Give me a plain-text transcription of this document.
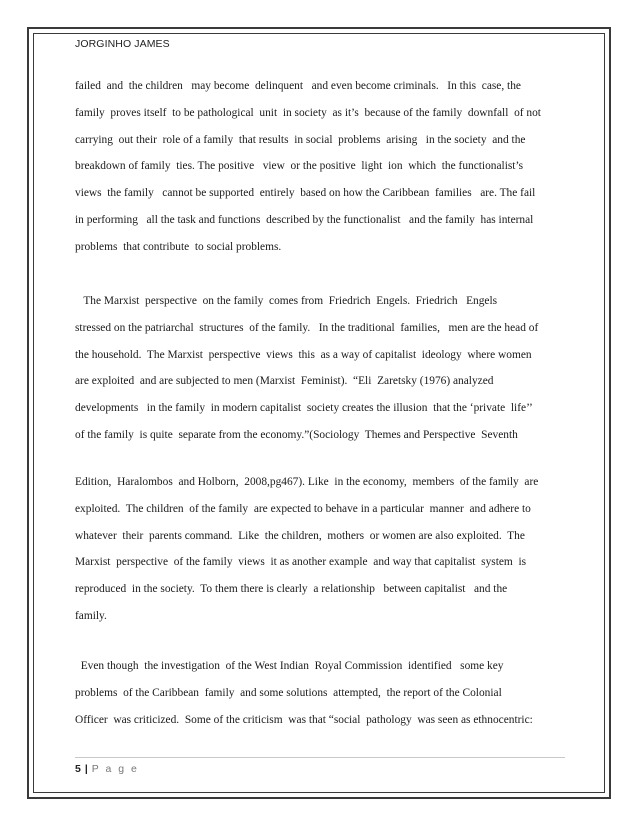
JORGINHO JAMES
failed  and  the children   may become  delinquent   and even become criminals.   In this  case, the
family  proves itself  to be pathological  unit  in society  as it’s  because of the family  downfall  of not
carrying  out their  role of a family  that results  in social  problems  arising   in the society  and the
breakdown of family  ties. The positive   view  or the positive  light  ion  which  the functionalist’s
views  the family   cannot be supported  entirely  based on how the Caribbean  families   are. The fail
in performing   all the task and functions  described by the functionalist   and the family  has internal
problems  that contribute  to social problems.
The Marxist  perspective  on the family  comes from  Friedrich  Engels.  Friedrich   Engels
stressed on the patriarchal  structures  of the family.   In the traditional  families,   men are the head of
the household.  The Marxist  perspective  views  this  as a way of capitalist  ideology  where women
are exploited  and are subjected to men (Marxist  Feminist).  “Eli  Zaretsky (1976) analyzed
developments   in the family  in modern capitalist  society creates the illusion  that the ‘private  life’’
of the family  is quite  separate from the economy.”(Sociology  Themes and Perspective  Seventh
Edition,  Haralombos  and Holborn,  2008,pg467). Like  in the economy,  members  of the family  are
exploited.  The children  of the family  are expected to behave in a particular  manner  and adhere to
whatever  their  parents command.  Like  the children,  mothers  or women are also exploited.  The
Marxist  perspective  of the family  views  it as another example  and way that capitalist  system  is
reproduced  in the society.  To them there is clearly  a relationship   between capitalist   and the
family.
Even though  the investigation  of the West Indian  Royal Commission  identified   some key
problems  of the Caribbean  family  and some solutions  attempted,  the report of the Colonial
Officer  was criticized.  Some of the criticism  was that “social  pathology  was seen as ethnocentric:
5 | P a g e
